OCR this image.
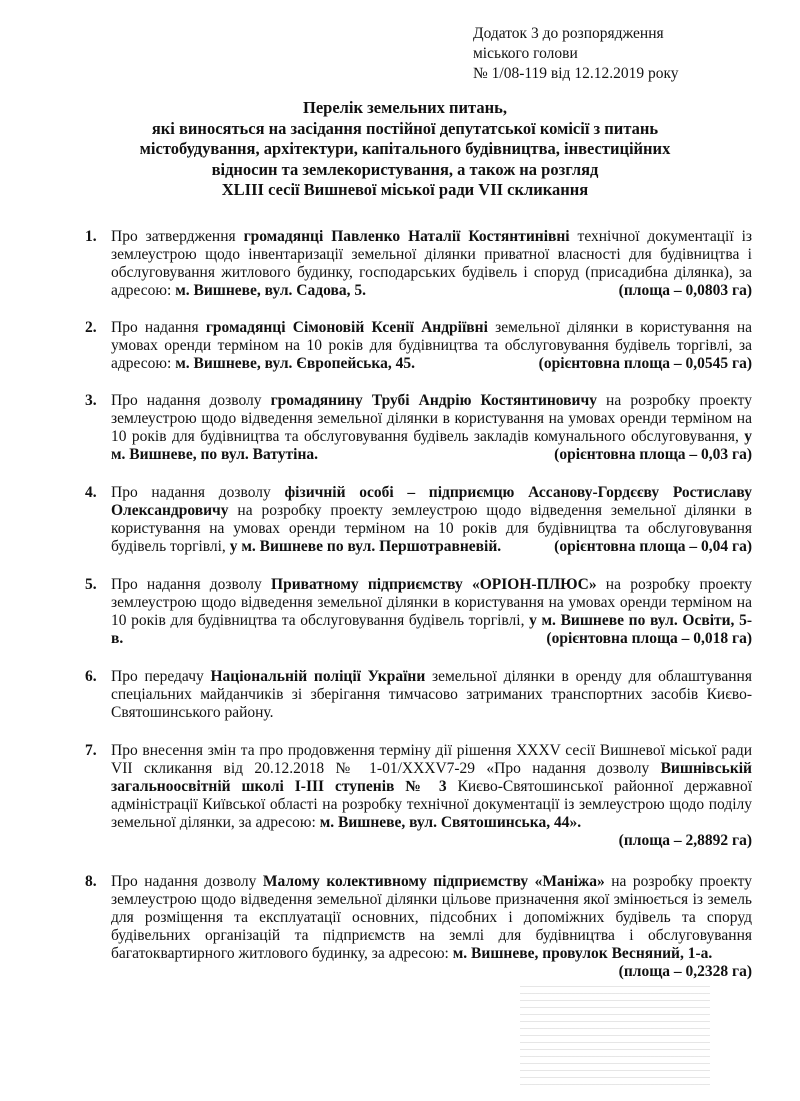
Додаток 3 до розпорядження
міського голови
№ 1/08-119 від 12.12.2019 року
Перелік земельних питань,
які виносяться на засідання постійної депутатської комісії з питань
містобудування, архітектури, капітального будівництва, інвестиційних
відносин та землекористування, а також на розгляд
XLIII сесії Вишневої міської ради VII скликання
1. Про затвердження громадянці Павленко Наталії Костянтинівні технічної документації із землеустрою щодо інвентаризації земельної ділянки приватної власності для будівництва і обслуговування житлового будинку, господарських будівель і споруд (присадибна ділянка), за адресою: м. Вишневе, вул. Садова, 5.	(площа – 0,0803 га)
2. Про надання громадянці Сімоновій Ксенії Андріївні земельної ділянки в користування на умовах оренди терміном на 10 років для будівництва та обслуговування будівель торгівлі, за адресою: м. Вишневе, вул. Європейська, 45.	(орієнтовна площа – 0,0545 га)
3. Про надання дозволу громадянину Трубі Андрію Костянтиновичу на розробку проекту землеустрою щодо відведення земельної ділянки в користування на умовах оренди терміном на 10 років для будівництва та обслуговування будівель закладів комунального обслуговування, у м. Вишневе, по вул. Ватутіна.	(орієнтовна площа – 0,03 га)
4. Про надання дозволу фізичній особі – підприємцю Ассанову-Гордєєву Ростиславу Олександровичу на розробку проекту землеустрою щодо відведення земельної ділянки в користування на умовах оренди терміном на 10 років для будівництва та обслуговування будівель торгівлі, у м. Вишневе по вул. Першотравневій.	(орієнтовна площа – 0,04 га)
5. Про надання дозволу Приватному підприємству «ОРІОН-ПЛЮС» на розробку проекту землеустрою щодо відведення земельної ділянки в користування на умовах оренди терміном на 10 років для будівництва та обслуговування будівель торгівлі, у м. Вишневе по вул. Освіти, 5-в.	(орієнтовна площа – 0,018 га)
6. Про передачу Національній поліції України земельної ділянки в оренду для облаштування спеціальних майданчиків зі зберігання тимчасово затриманих транспортних засобів Києво-Святошинського району.
7. Про внесення змін та про продовження терміну дії рішення XXXV сесії Вишневої міської ради VII скликання від 20.12.2018 № 1-01/XXXV7-29 «Про надання дозволу Вишнівській загальноосвітній школі I-III ступенів № 3 Києво-Святошинської районної державної адміністрації Київської області на розробку технічної документації із землеустрою щодо поділу земельної ділянки, за адресою: м. Вишневе, вул. Святошинська, 44».
(площа – 2,8892 га)
8. Про надання дозволу Малому колективному підприємству «Маніжа» на розробку проекту землеустрою щодо відведення земельної ділянки цільове призначення якої змінюється із земель для розміщення та експлуатації основних, підсобних і допоміжних будівель та споруд будівельних організацій та підприємств на землі для будівництва і обслуговування багатоквартирного житлового будинку, за адресою: м. Вишневе, провулок Весняний, 1-а.
(площа – 0,2328 га)
